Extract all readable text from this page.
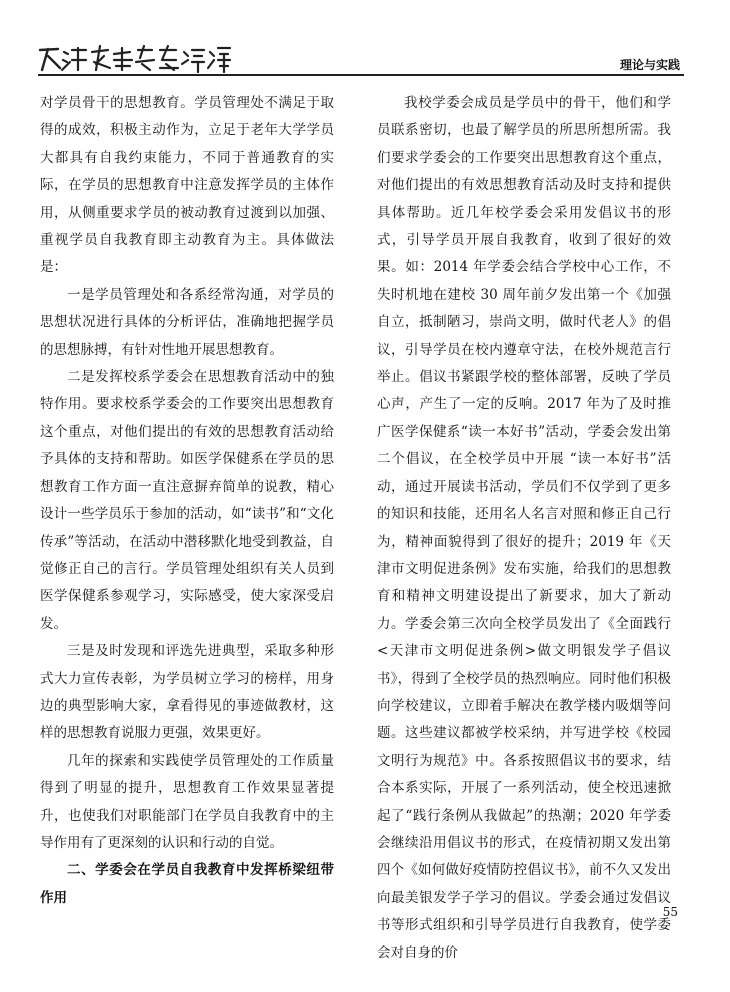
理论与实践

对学员骨干的思想教育。学员管理处不满足于取得的成效，积极主动作为，立足于老年大学学员大都具有自我约束能力，不同于普通教育的实际，在学员的思想教育中注意发挥学员的主体作用，从侧重要求学员的被动教育过渡到以加强、重视学员自我教育即主动教育为主。具体做法是：

一是学员管理处和各系经常沟通，对学员的思想状况进行具体的分析评估，准确地把握学员的思想脉搏，有针对性地开展思想教育。

二是发挥校系学委会在思想教育活动中的独特作用。要求校系学委会的工作要突出思想教育这个重点，对他们提出的有效的思想教育活动给予具体的支持和帮助。如医学保健系在学员的思想教育工作方面一直注意摒弃简单的说教，精心设计一些学员乐于参加的活动，如“读书”和“文化传承”等活动，在活动中潜移默化地受到教益，自觉修正自己的言行。学员管理处组织有关人员到医学保健系参观学习，实际感受，使大家深受启发。

三是及时发现和评选先进典型，采取多种形式大力宣传表彰，为学员树立学习的榜样，用身边的典型影响大家，拿看得见的事迹做教材，这样的思想教育说服力更强，效果更好。

几年的探索和实践使学员管理处的工作质量得到了明显的提升，思想教育工作效果显著提升，也使我们对职能部门在学员自我教育中的主导作用有了更深刻的认识和行动的自觉。

二、学委会在学员自我教育中发挥桥梁纽带作用

我校学委会成员是学员中的骨干，他们和学员联系密切，也最了解学员的所思所想所需。我们要求学委会的工作要突出思想教育这个重点，对他们提出的有效思想教育活动及时支持和提供具体帮助。近几年校学委会采用发倡议书的形式，引导学员开展自我教育，收到了很好的效果。如：2014 年学委会结合学校中心工作，不失时机地在建校 30 周年前夕发出第一个《加强自立，抵制陋习，崇尚文明，做时代老人》的倡议，引导学员在校内遵章守法，在校外规范言行举止。倡议书紧跟学校的整体部署，反映了学员心声，产生了一定的反响。2017 年为了及时推广医学保健系“读一本好书”活动，学委会发出第二个倡议，在全校学员中开展 “读一本好书”活动，通过开展读书活动，学员们不仅学到了更多的知识和技能，还用名人名言对照和修正自己行为，精神面貌得到了很好的提升；2019 年《天津市文明促进条例》发布实施，给我们的思想教育和精神文明建设提出了新要求，加大了新动力。学委会第三次向全校学员发出了《全面践行<天津市文明促进条例>做文明银发学子倡议书》，得到了全校学员的热烈响应。同时他们积极向学校建议，立即着手解决在教学楼内吸烟等问题。这些建议都被学校采纳，并写进学校《校园文明行为规范》中。各系按照倡议书的要求，结合本系实际，开展了一系列活动，使全校迅速掀起了“践行条例从我做起”的热潮；2020 年学委会继续沿用倡议书的形式，在疫情初期又发出第四个《如何做好疫情防控倡议书》，前不久又发出向最美银发学子学习的倡议。学委会通过发倡议书等形式组织和引导学员进行自我教育，使学委会对自身的价

55
